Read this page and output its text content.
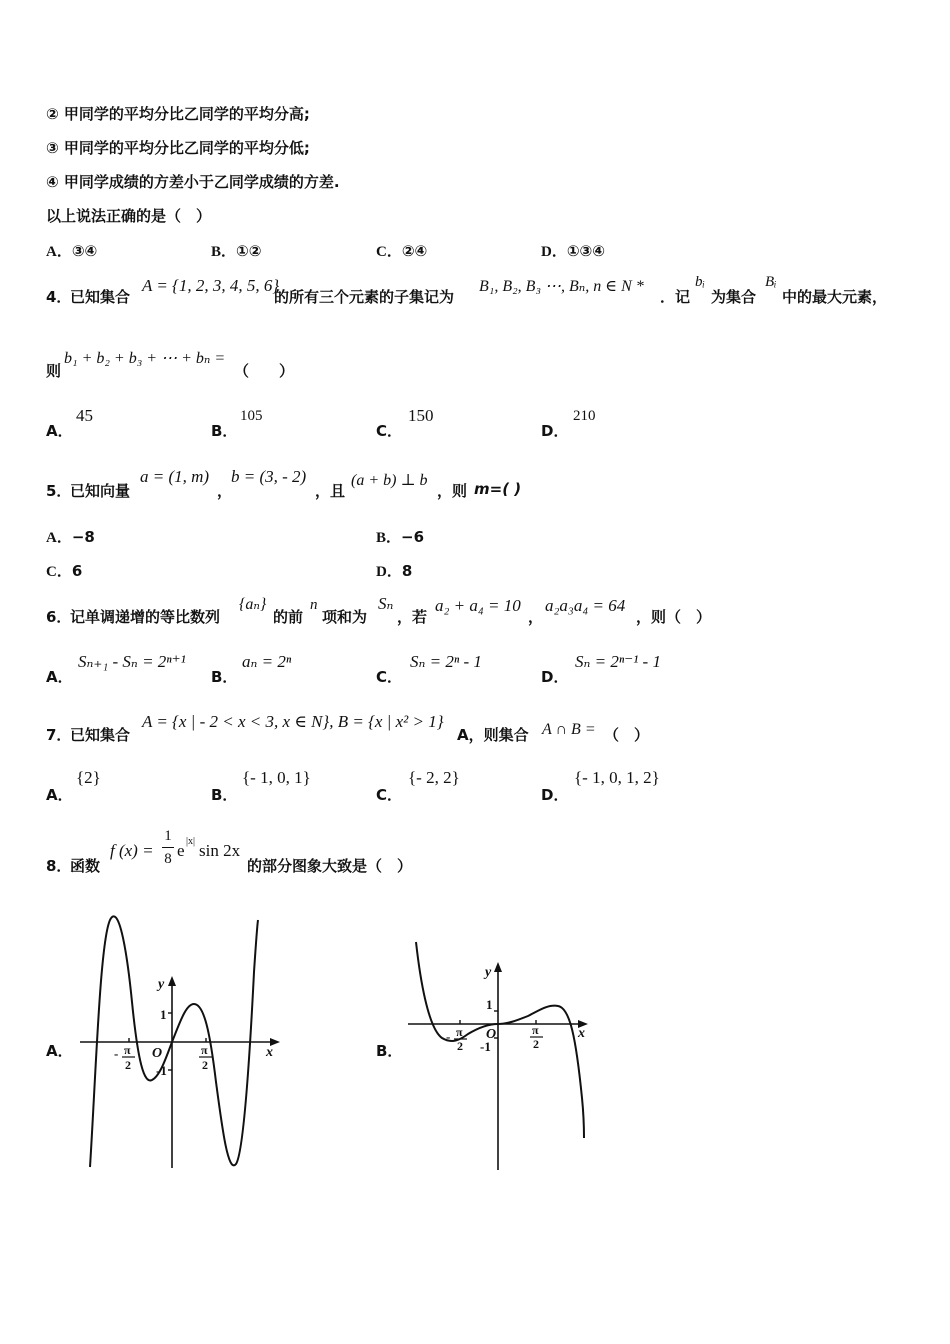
② 甲同学的平均分比乙同学的平均分高;
③ 甲同学的平均分比乙同学的平均分低;
④ 甲同学成绩的方差小于乙同学成绩的方差.
以上说法正确的是（　）
A．③④	B．①②	C．②④	D．①③④
4．
已知集合
A = {1, 2, 3, 4, 5, 6}
的所有三个元素的子集记为
B₁, B₂, B₃ ⋯, Bₙ, n ∈ N *
．记
bᵢ
为集合
Bᵢ
中的最大元素，
则
b₁ + b₂ + b₃ + ⋯ + bₙ =
（　　）
A．
45
B．
105
C．
150
D．
210
5．
已知向量
a = (1, m)
，
b = (3, - 2)
，且
(a + b) ⊥ b
，则 m=( )
A．−8	B．−6
C．6	D．8
6．
记单调递增的等比数列
{aₙ}
的前
n
项和为
Sₙ
，若
a₂ + a₄ = 10
，
a₂a₃a₄ = 64
，则（　）
A．
Sₙ₊₁ - Sₙ = 2ⁿ⁺¹
B．
aₙ = 2ⁿ
C．
Sₙ = 2ⁿ - 1
D．
Sₙ = 2ⁿ⁻¹ - 1
7．
已知集合
A = {x | - 2 < x < 3, x ∈ N}, B = {x | x² > 1}
A，则集合 A ∩ B = （　）
A．
{2}
B．
{- 1, 0, 1}
C．
{- 2, 2}
D．
{- 1, 0, 1, 2}
8．
函数
f (x) =
1
8 e |x| sin 2x
的部分图象大致是（　）
A．	B．
y
x
O
1
-1
- π
2
π
2
y
x
O
1
-1
- π
2
π
2
